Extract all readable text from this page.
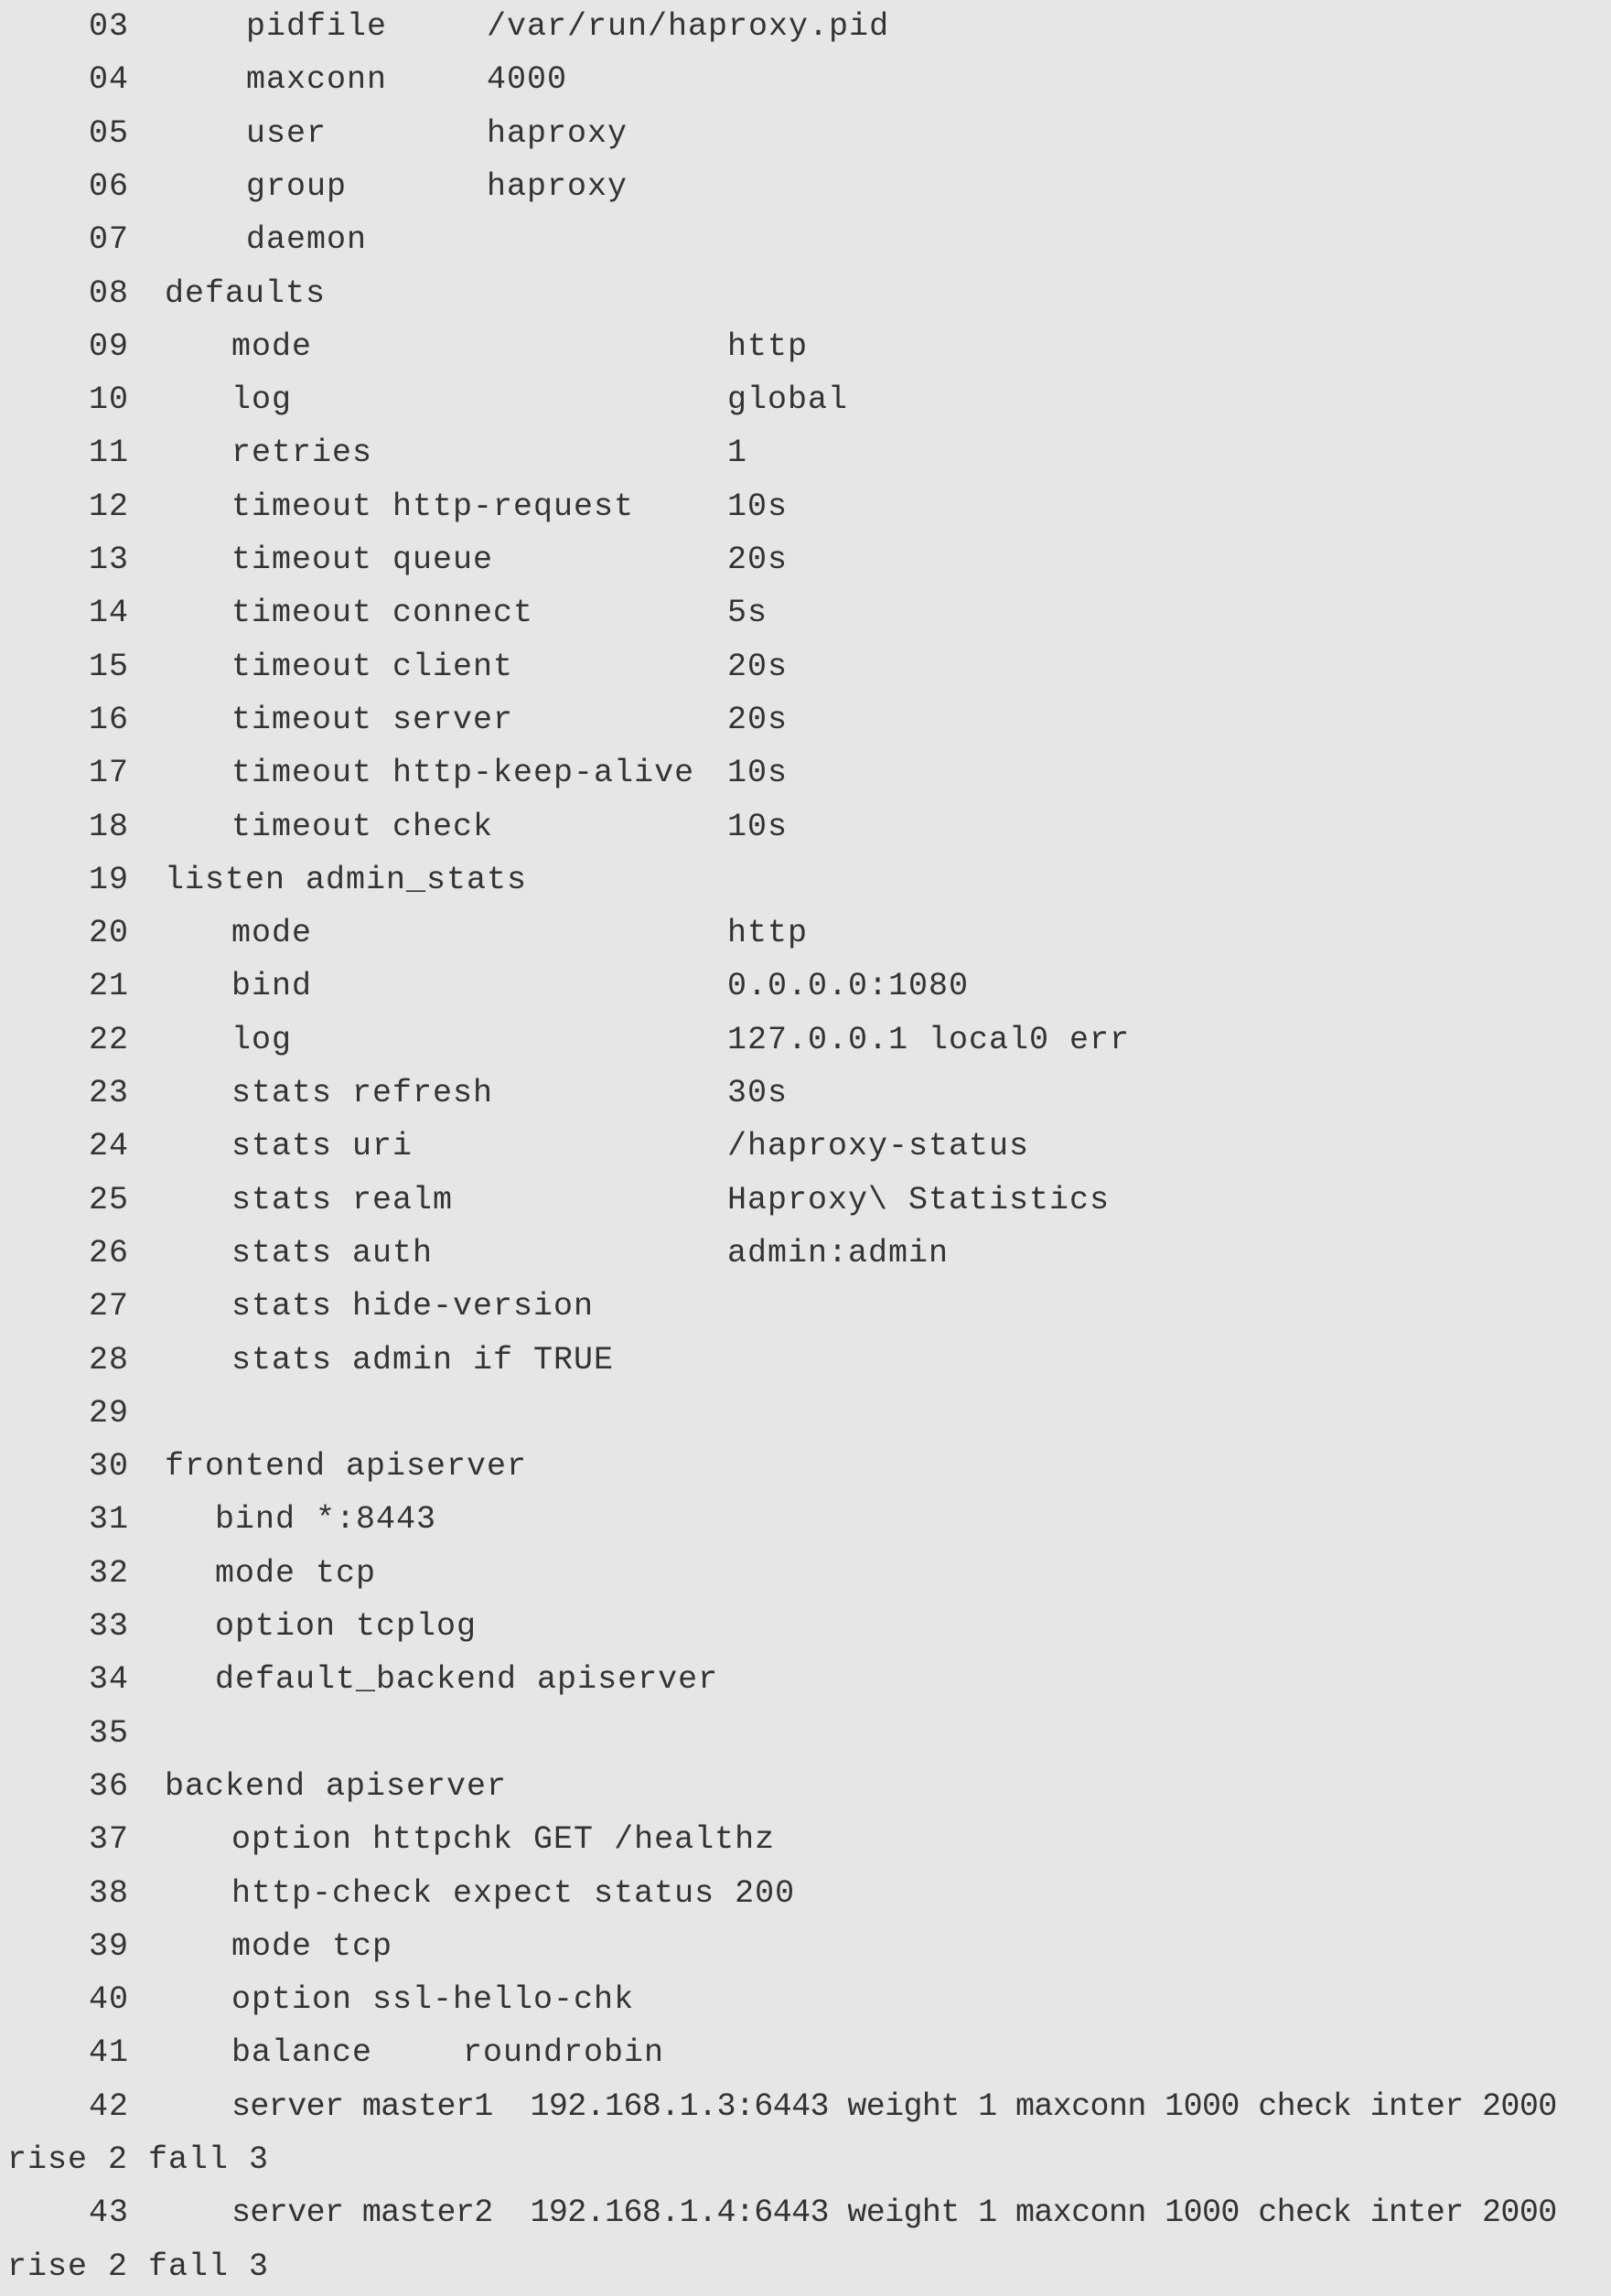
03	pidfile	/var/run/haproxy.pid
04	maxconn	4000
05	user	haproxy
06	group	haproxy
07	daemon
08 defaults
09	mode	http
10	log	global
11	retries	1
12	timeout http-request	10s
13	timeout queue	20s
14	timeout connect	5s
15	timeout client	20s
16	timeout server	20s
17	timeout http-keep-alive 10s
18	timeout check	10s
19 listen admin_stats
20	mode	http
21	bind	0.0.0.0:1080
22	log	127.0.0.1 local0 err
23	stats refresh	30s
24	stats uri	/haproxy-status
25	stats realm	Haproxy\ Statistics
26	stats auth	admin:admin
27	stats hide-version
28	stats admin if TRUE
29
30 frontend apiserver
31	bind *:8443
32	mode tcp
33	option tcplog
34	default_backend apiserver
35
36 backend apiserver
37	option httpchk GET /healthz
38	http-check expect status 200
39	mode tcp
40	option ssl-hello-chk
41	balance	roundrobin
42	server master1  192.168.1.3:6443 weight 1 maxconn 1000 check inter 2000
rise 2 fall 3
43	server master2  192.168.1.4:6443 weight 1 maxconn 1000 check inter 2000
rise 2 fall 3
